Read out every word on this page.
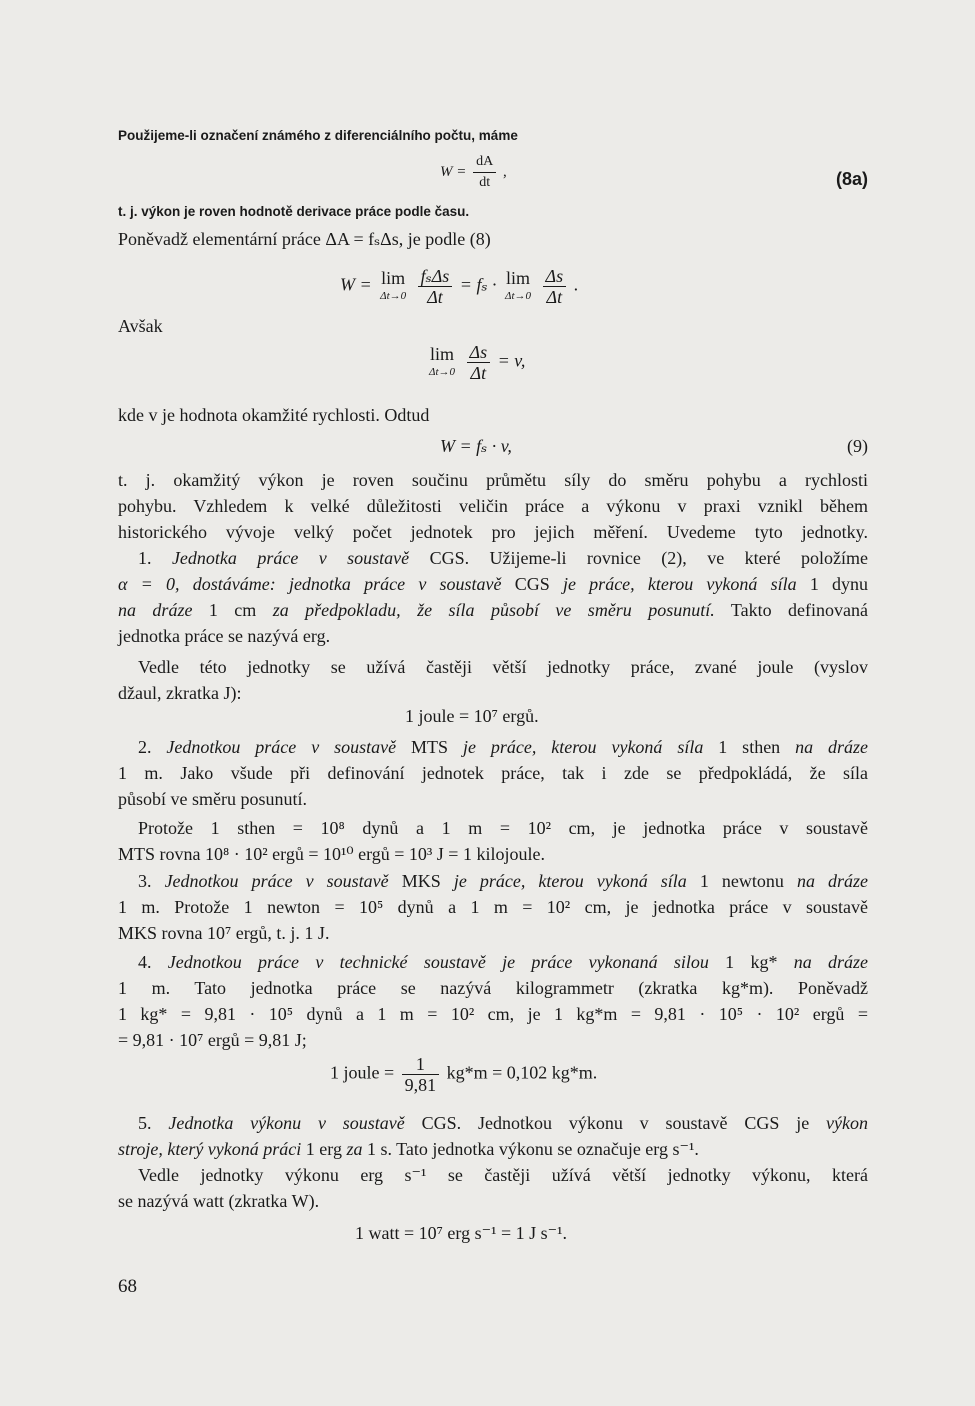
Použijeme-li označení známého z diferenciálního počtu, máme
$W = \frac{dA}{dt}$ ,	(8a)
t. j. výkon je roven hodnotě derivace práce podle času.
Poněvadž elementární práce ΔA = fₛΔs, je podle (8)
W = lim
Δt→0
$\frac{\text{fₛΔs}}{\Delta t} = f_s \cdot \lim$
Δt→0
$\frac{\Delta s}{\Delta t}$ .
Avšak
lim
Δt→0
$\frac{\Delta s}{\Delta t} = v$,
kde v je hodnota okamžité rychlosti. Odtud
W = fₛ · v,	(9)
t. j. okamžitý výkon je roven součinu průmětu síly do směru pohybu a rychlosti
pohybu. Vzhledem k velké důležitosti veličin práce a výkonu v praxi vznikl během
historického vývoje velký počet jednotek pro jejich měření. Uvedeme tyto jednotky.
1. Jednotka práce v soustavě CGS. Užijeme-li rovnice (2), ve které položíme
α = 0, dostáváme: jednotka práce v soustavě CGS je práce, kterou vykoná síla 1 dynu
na dráze 1 cm za předpokladu, že síla působí ve směru posunutí. Takto definovaná
jednotka práce se nazývá erg.
Vedle této jednotky se užívá častěji větší jednotky práce, zvané joule (vyslov
džaul, zkratka J):
1 joule = 10⁷ ergů.
2. Jednotkou práce v soustavě MTS je práce, kterou vykoná síla 1 sthen na dráze
1 m. Jako všude při definování jednotek práce, tak i zde se předpokládá, že síla
působí ve směru posunutí.
Protože 1 sthen = 10⁸ dynů a 1 m = 10² cm, je jednotka práce v soustavě
MTS rovna 10⁸ · 10² ergů = 10¹⁰ ergů = 10³ J = 1 kilojoule.
3. Jednotkou práce v soustavě MKS je práce, kterou vykoná síla 1 newtonu na dráze
1 m. Protože 1 newton = 10⁵ dynů a 1 m = 10² cm, je jednotka práce v soustavě
MKS rovna 10⁷ ergů, t. j. 1 J.
4. Jednotkou práce v technické soustavě je práce vykonaná silou 1 kg* na dráze
1 m. Tato jednotka práce se nazývá kilogrammetr (zkratka kg*m). Poněvadž
1 kg* = 9,81 · 10⁵ dynů a 1 m = 10² cm, je 1 kg*m = 9,81 · 10⁵ · 10² ergů =
= 9,81 · 10⁷ ergů = 9,81 J;
1 joule = $\frac{1}{9,81} kg*m = 0,102$ kg*m.
5. Jednotka výkonu v soustavě CGS. Jednotkou výkonu v soustavě CGS je výkon
stroje, který vykoná práci 1 erg za 1 s. Tato jednotka výkonu se označuje erg s⁻¹.
Vedle jednotky výkonu erg s⁻¹ se častěji užívá větší jednotky výkonu, která
se nazývá watt (zkratka W).
1 watt = 10⁷ erg s⁻¹ = 1 J s⁻¹.
68
